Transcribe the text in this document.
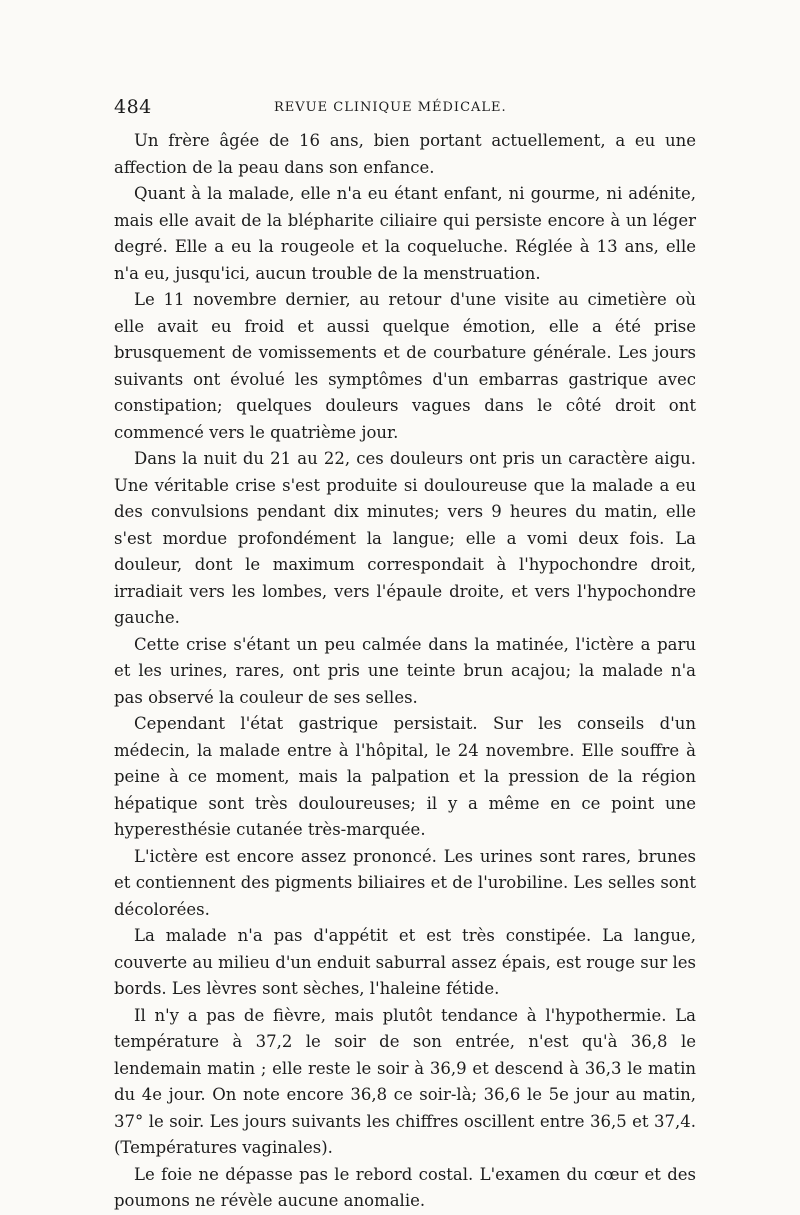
484	REVUE CLINIQUE MÉDICALE.

Un frère âgée de 16 ans, bien portant actuellement, a eu une affection de la peau dans son enfance.

Quant à la malade, elle n'a eu étant enfant, ni gourme, ni adénite, mais elle avait de la blépharite ciliaire qui persiste encore à un léger degré. Elle a eu la rougeole et la coqueluche. Réglée à 13 ans, elle n'a eu, jusqu'ici, aucun trouble de la menstruation.

Le 11 novembre dernier, au retour d'une visite au cimetière où elle avait eu froid et aussi quelque émotion, elle a été prise brusquement de vomissements et de courbature générale. Les jours suivants ont évolué les symptômes d'un embarras gastrique avec constipation; quelques douleurs vagues dans le côté droit ont commencé vers le quatrième jour.

Dans la nuit du 21 au 22, ces douleurs ont pris un caractère aigu. Une véritable crise s'est produite si douloureuse que la malade a eu des convulsions pendant dix minutes; vers 9 heures du matin, elle s'est mordue profondément la langue; elle a vomi deux fois. La douleur, dont le maximum correspondait à l'hypochondre droit, irradiait vers les lombes, vers l'épaule droite, et vers l'hypochondre gauche.

Cette crise s'étant un peu calmée dans la matinée, l'ictère a paru et les urines, rares, ont pris une teinte brun acajou; la malade n'a pas observé la couleur de ses selles.

Cependant l'état gastrique persistait. Sur les conseils d'un médecin, la malade entre à l'hôpital, le 24 novembre. Elle souffre à peine à ce moment, mais la palpation et la pression de la région hépatique sont très douloureuses; il y a même en ce point une hyperesthésie cutanée très-marquée.

L'ictère est encore assez prononcé. Les urines sont rares, brunes et contiennent des pigments biliaires et de l'urobiline. Les selles sont décolorées.

La malade n'a pas d'appétit et est très constipée. La langue, couverte au milieu d'un enduit saburral assez épais, est rouge sur les bords. Les lèvres sont sèches, l'haleine fétide.

Il n'y a pas de fièvre, mais plutôt tendance à l'hypothermie. La température à 37,2 le soir de son entrée, n'est qu'à 36,8 le lendemain matin ; elle reste le soir à 36,9 et descend à 36,3 le matin du 4e jour. On note encore 36,8 ce soir-là; 36,6 le 5e jour au matin, 37° le soir. Les jours suivants les chiffres oscillent entre 36,5 et 37,4. (Températures vaginales).

Le foie ne dépasse pas le rebord costal. L'examen du cœur et des poumons ne révèle aucune anomalie.
